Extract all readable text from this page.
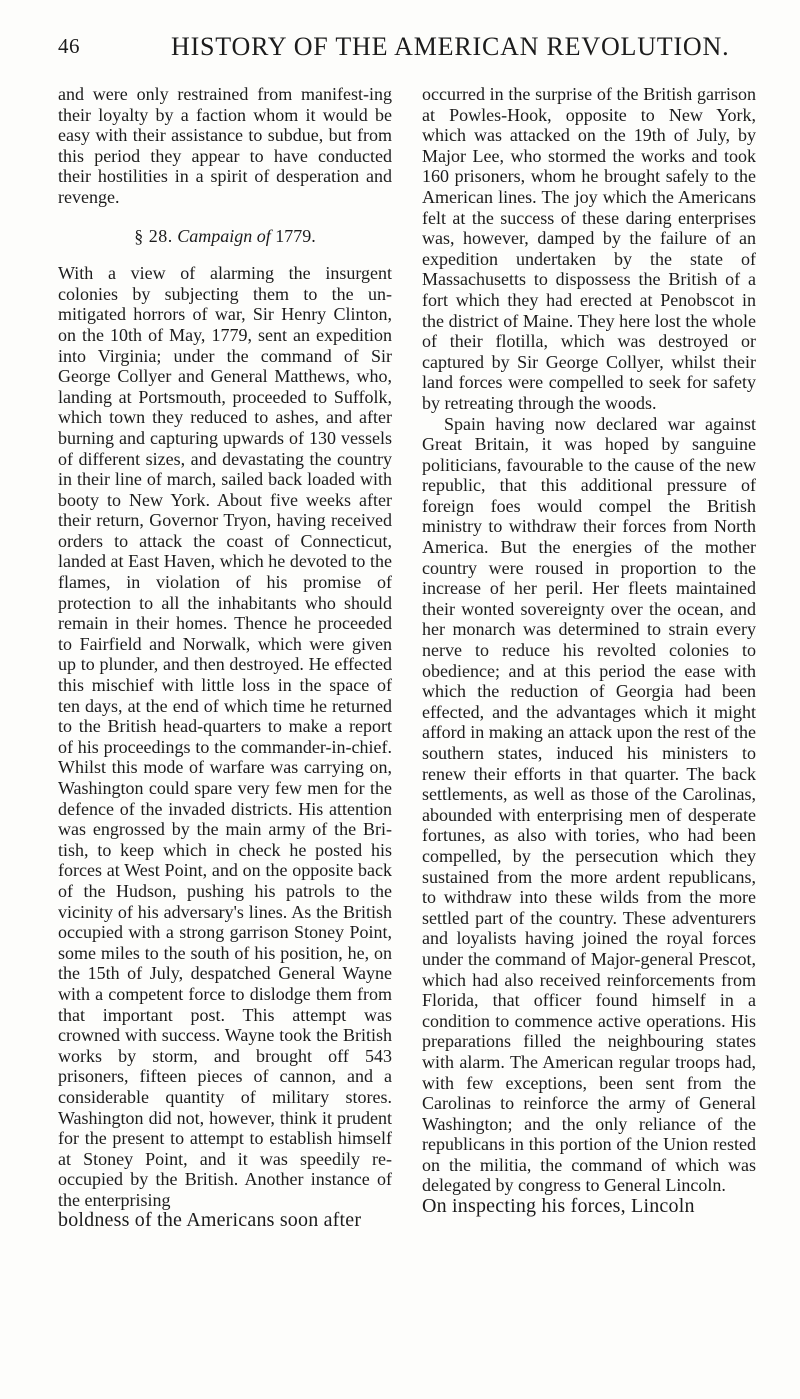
46	HISTORY OF THE AMERICAN REVOLUTION.

and were only restrained from manifest-ing their loyalty by a faction whom it would be easy with their assistance to subdue, but from this period they appear to have conducted their hostilities in a spirit of desperation and revenge.

§ 28. Campaign of 1779.

With a view of alarming the insurgent colonies by subjecting them to the unmitigated horrors of war, Sir Henry Clinton, on the 10th of May, 1779, sent an expedition into Virginia; under the command of Sir George Collyer and General Matthews, who, landing at Portsmouth, proceeded to Suffolk, which town they reduced to ashes, and after burning and capturing upwards of 130 vessels of different sizes, and devastating the country in their line of march, sailed back loaded with booty to New York. About five weeks after their return, Governor Tryon, having received orders to attack the coast of Connecticut, landed at East Haven, which he devoted to the flames, in violation of his promise of protection to all the inhabitants who should remain in their homes. Thence he proceeded to Fairfield and Norwalk, which were given up to plunder, and then destroyed. He effected this mischief with little loss in the space of ten days, at the end of which time he returned to the British head-quarters to make a report of his proceedings to the commander-in-chief. Whilst this mode of warfare was carrying on, Washington could spare very few men for the defence of the invaded districts. His attention was engrossed by the main army of the British, to keep which in check he posted his forces at West Point, and on the opposite back of the Hudson, pushing his patrols to the vicinity of his adversary's lines. As the British occupied with a strong garrison Stoney Point, some miles to the south of his position, he, on the 15th of July, despatched General Wayne with a competent force to dislodge them from that important post. This attempt was crowned with success. Wayne took the British works by storm, and brought off 543 prisoners, fifteen pieces of cannon, and a considerable quantity of military stores. Washington did not, however, think it prudent for the present to attempt to establish himself at Stoney Point, and it was speedily re-occupied by the British. Another instance of the enterprising

boldness of the Americans soon after

occurred in the surprise of the British garrison at Powles-Hook, opposite to New York, which was attacked on the 19th of July, by Major Lee, who stormed the works and took 160 prisoners, whom he brought safely to the American lines. The joy which the Americans felt at the success of these daring enterprises was, however, damped by the failure of an expedition undertaken by the state of Massachusetts to dispossess the British of a fort which they had erected at Penobscot in the district of Maine. They here lost the whole of their flotilla, which was destroyed or captured by Sir George Collyer, whilst their land forces were compelled to seek for safety by retreating through the woods.

Spain having now declared war against Great Britain, it was hoped by sanguine politicians, favourable to the cause of the new republic, that this additional pressure of foreign foes would compel the British ministry to withdraw their forces from North America. But the energies of the mother country were roused in proportion to the increase of her peril. Her fleets maintained their wonted sovereignty over the ocean, and her monarch was determined to strain every nerve to reduce his revolted colonies to obedience; and at this period the ease with which the reduction of Georgia had been effected, and the advantages which it might afford in making an attack upon the rest of the southern states, induced his ministers to renew their efforts in that quarter. The back settlements, as well as those of the Carolinas, abounded with enterprising men of desperate fortunes, as also with tories, who had been compelled, by the persecution which they sustained from the more ardent republicans, to withdraw into these wilds from the more settled part of the country. These adventurers and loyalists having joined the royal forces under the command of Major-general Prescot, which had also received reinforcements from Florida, that officer found himself in a condition to commence active operations. His preparations filled the neighbouring states with alarm. The American regular troops had, with few exceptions, been sent from the Carolinas to reinforce the army of General Washington; and the only reliance of the republicans in this portion of the Union rested on the militia, the command of which was delegated by congress to General Lincoln.

On inspecting his forces, Lincoln
